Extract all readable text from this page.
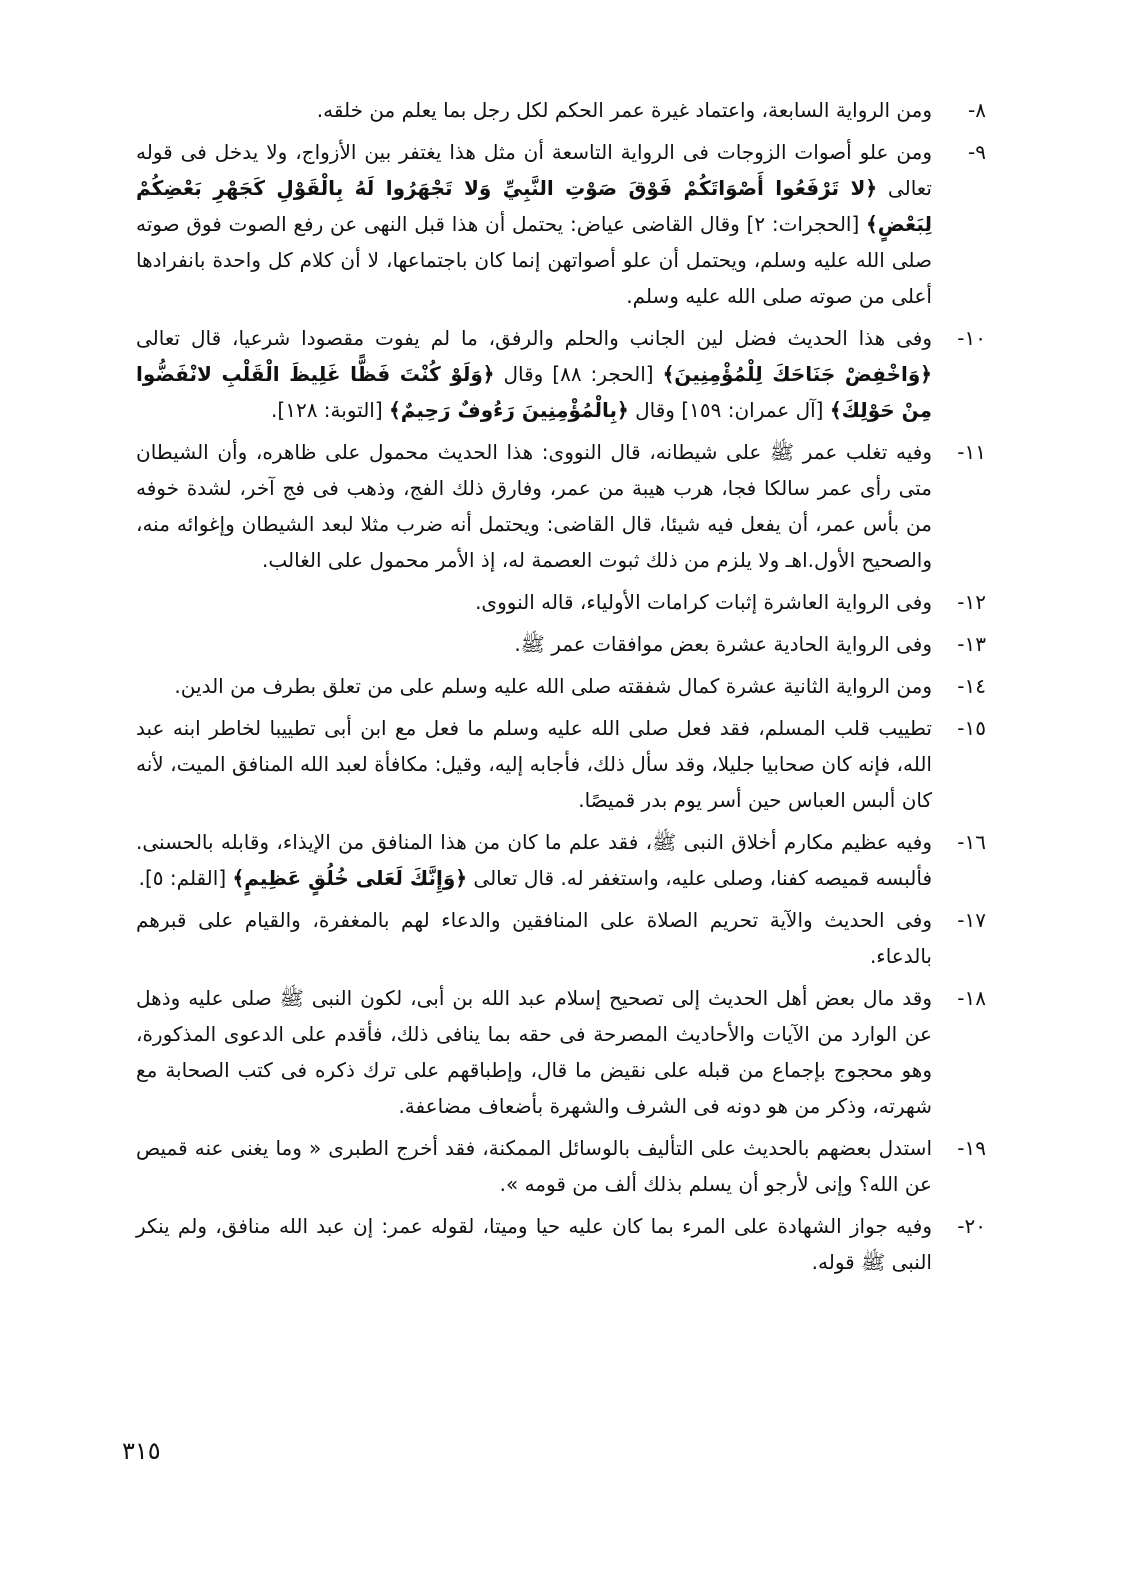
٨-
ومن الرواية السابعة، واعتماد غيرة عمر الحكم لكل رجل بما يعلم من خلقه.
٩-
ومن علو أصوات الزوجات فى الرواية التاسعة أن مثل هذا يغتفر بين الأزواج، ولا يدخل فى قوله تعالى ﴿لا تَرْفَعُوا أَصْوَاتَكُمْ فَوْقَ صَوْتِ النَّبِيِّ وَلا تَجْهَرُوا لَهُ بِالْقَوْلِ كَجَهْرِ بَعْضِكُمْ لِبَعْضٍ﴾ [الحجرات: ٢] وقال القاضى عياض: يحتمل أن هذا قبل النهى عن رفع الصوت فوق صوته صلى الله عليه وسلم، ويحتمل أن علو أصواتهن إنما كان باجتماعها، لا أن كلام كل واحدة بانفرادها أعلى من صوته صلى الله عليه وسلم.
١٠-
وفى هذا الحديث فضل لين الجانب والحلم والرفق، ما لم يفوت مقصودا شرعيا، قال تعالى ﴿وَاخْفِضْ جَنَاحَكَ لِلْمُؤْمِنِينَ﴾ [الحجر: ٨٨] وقال ﴿وَلَوْ كُنْتَ فَظًّا غَلِيظَ الْقَلْبِ لانْفَضُّوا مِنْ حَوْلِكَ﴾ [آل عمران: ١٥٩] وقال ﴿بِالْمُؤْمِنِينَ رَءُوفٌ رَحِيمٌ﴾ [التوبة: ١٢٨].
١١-
وفيه تغلب عمر ﷺ على شيطانه، قال النووى: هذا الحديث محمول على ظاهره، وأن الشيطان متى رأى عمر سالكا فجا، هرب هيبة من عمر، وفارق ذلك الفج، وذهب فى فج آخر، لشدة خوفه من بأس عمر، أن يفعل فيه شيئا، قال القاضى: ويحتمل أنه ضرب مثلا لبعد الشيطان وإغوائه منه، والصحيح الأول.اهـ ولا يلزم من ذلك ثبوت العصمة له، إذ الأمر محمول على الغالب.
١٢-
وفى الرواية العاشرة إثبات كرامات الأولياء، قاله النووى.
١٣-
وفى الرواية الحادية عشرة بعض موافقات عمر ﷺ.
١٤-
ومن الرواية الثانية عشرة كمال شفقته صلى الله عليه وسلم على من تعلق بطرف من الدين.
١٥-
تطييب قلب المسلم، فقد فعل صلى الله عليه وسلم ما فعل مع ابن أبى تطييبا لخاطر ابنه عبد الله، فإنه كان صحابيا جليلا، وقد سأل ذلك، فأجابه إليه، وقيل: مكافأة لعبد الله المنافق الميت، لأنه كان ألبس العباس حين أسر يوم بدر قميصًا.
١٦-
وفيه عظيم مكارم أخلاق النبى ﷺ، فقد علم ما كان من هذا المنافق من الإيذاء، وقابله بالحسنى. فألبسه قميصه كفنا، وصلى عليه، واستغفر له. قال تعالى ﴿وَإِنَّكَ لَعَلى خُلُقٍ عَظِيمٍ﴾ [القلم: ٥].
١٧-
وفى الحديث والآية تحريم الصلاة على المنافقين والدعاء لهم بالمغفرة، والقيام على قبرهم بالدعاء.
١٨-
وقد مال بعض أهل الحديث إلى تصحيح إسلام عبد الله بن أبى، لكون النبى ﷺ صلى عليه وذهل عن الوارد من الآيات والأحاديث المصرحة فى حقه بما ينافى ذلك، فأقدم على الدعوى المذكورة، وهو محجوج بإجماع من قبله على نقيض ما قال، وإطباقهم على ترك ذكره فى كتب الصحابة مع شهرته، وذكر من هو دونه فى الشرف والشهرة بأضعاف مضاعفة.
١٩-
استدل بعضهم بالحديث على التأليف بالوسائل الممكنة، فقد أخرج الطبرى « وما يغنى عنه قميص عن الله؟ وإنى لأرجو أن يسلم بذلك ألف من قومه ».
٢٠-
وفيه جواز الشهادة على المرء بما كان عليه حيا وميتا، لقوله عمر: إن عبد الله منافق، ولم ينكر النبى ﷺ قوله.
٣١٥
